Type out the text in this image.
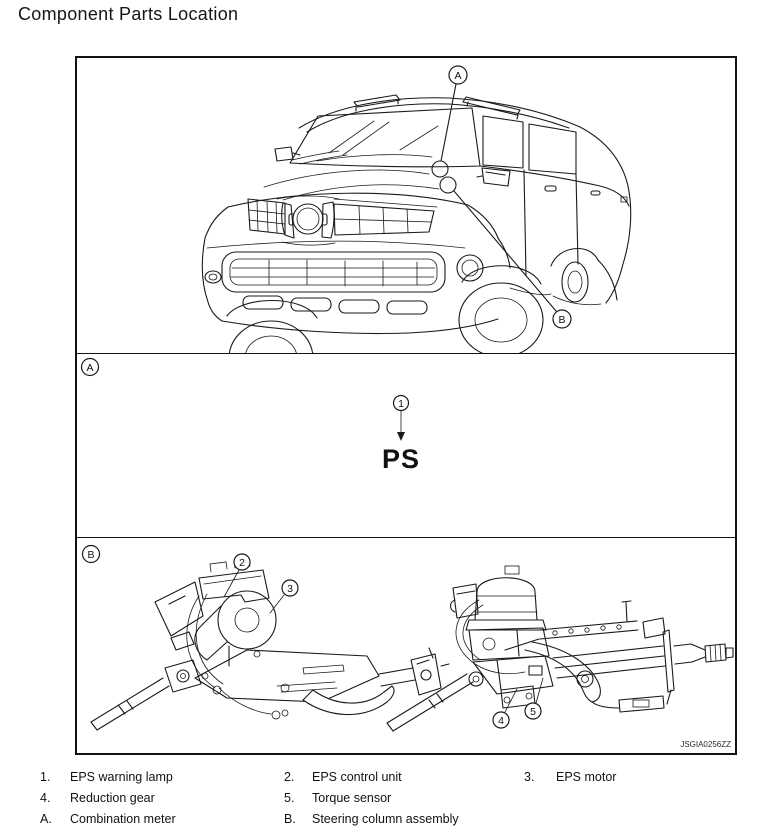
Component Parts Location
A
B
A
1
PS
B
2
3
4
5
JSGIA0256ZZ
1. EPS warning lamp	2. EPS control unit	3. EPS motor
4. Reduction gear	5. Torque sensor
A. Combination meter	B. Steering column assembly
